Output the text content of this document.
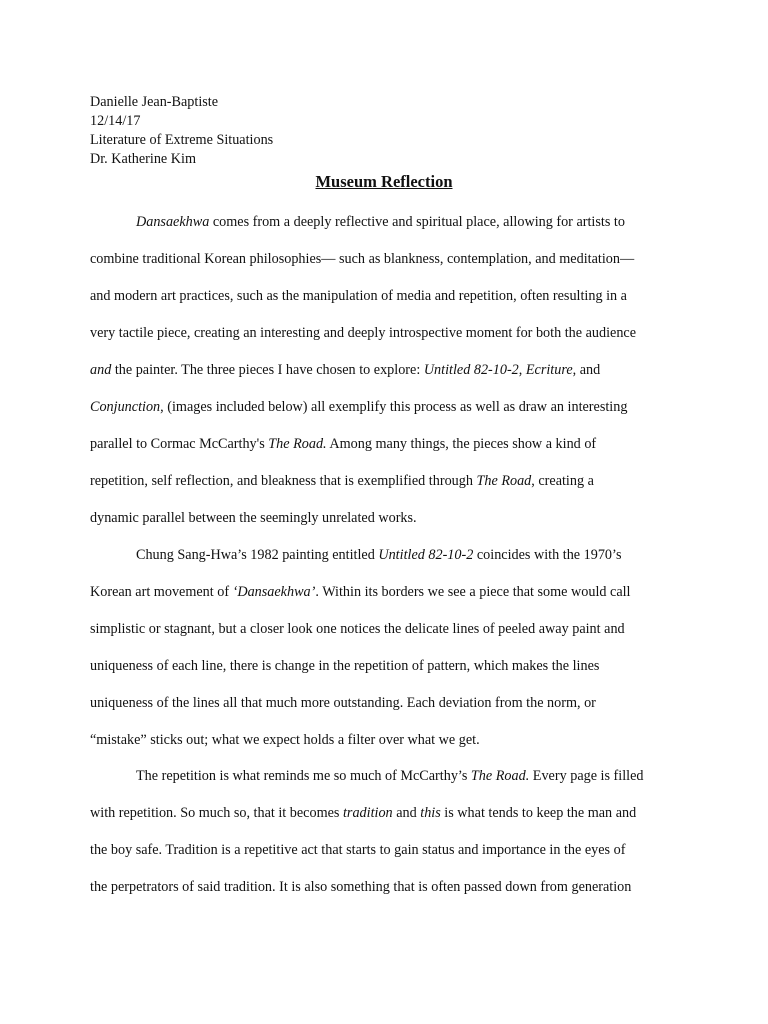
Danielle Jean-Baptiste
12/14/17
Literature of Extreme Situations
Dr. Katherine Kim
Museum Reflection
Dansaekhwa comes from a deeply reflective and spiritual place, allowing for artists to
combine traditional Korean philosophies— such as blankness, contemplation, and meditation—
and modern art practices, such as the manipulation of media and repetition, often resulting in a
very tactile piece, creating an interesting and deeply introspective moment for both the audience
and the painter. The three pieces I have chosen to explore: Untitled 82-10-2, Ecriture, and
Conjunction, (images included below) all exemplify this process as well as draw an interesting
parallel to Cormac McCarthy's The Road. Among many things, the pieces show a kind of
repetition, self reflection, and bleakness that is exemplified through The Road, creating a
dynamic parallel between the seemingly unrelated works.
Chung Sang-Hwa’s 1982 painting entitled Untitled 82-10-2 coincides with the 1970’s
Korean art movement of ‘Dansaekhwa’. Within its borders we see a piece that some would call
simplistic or stagnant, but a closer look one notices the delicate lines of peeled away paint and
uniqueness of each line, there is change in the repetition of pattern, which makes the lines
uniqueness of the lines all that much more outstanding. Each deviation from the norm, or
“mistake” sticks out; what we expect holds a filter over what we get.
The repetition is what reminds me so much of McCarthy’s The Road. Every page is filled
with repetition. So much so, that it becomes tradition and this is what tends to keep the man and
the boy safe. Tradition is a repetitive act that starts to gain status and importance in the eyes of
the perpetrators of said tradition. It is also something that is often passed down from generation
